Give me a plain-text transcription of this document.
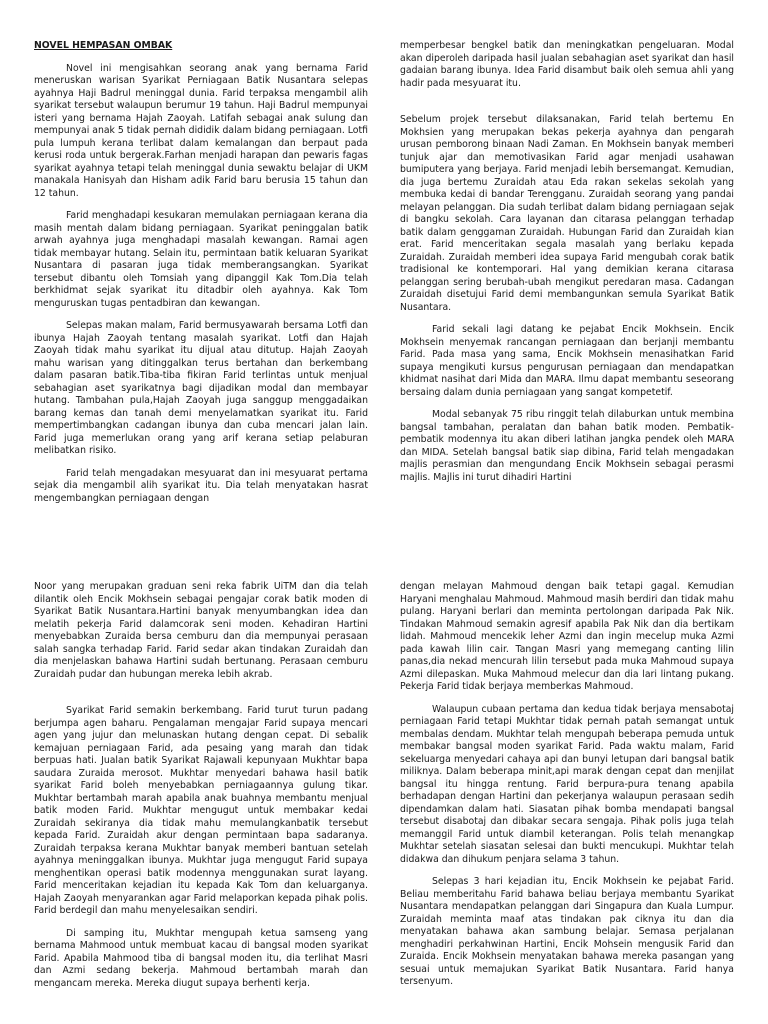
NOVEL HEMPASAN OMBAK

Novel ini mengisahkan seorang anak yang bernama Farid meneruskan warisan Syarikat Perniagaan Batik Nusantara selepas ayahnya Haji Badrul meninggal dunia. Farid terpaksa mengambil alih syarikat tersebut walaupun berumur 19 tahun. Haji Badrul mempunyai isteri yang bernama Hajah Zaoyah. Latifah sebagai anak sulung dan mempunyai anak 5 tidak pernah dididik dalam bidang perniagaan. Lotfi pula lumpuh kerana terlibat dalam kemalangan dan berpaut pada kerusi roda untuk bergerak.Farhan menjadi harapan dan pewaris fagas syarikat ayahnya tetapi telah meninggal dunia sewaktu belajar di UKM manakala Hanisyah dan Hisham adik Farid baru berusia 15 tahun dan 12 tahun.

Farid menghadapi kesukaran memulakan perniagaan kerana dia masih mentah dalam bidang perniagaan. Syarikat peninggalan batik arwah ayahnya juga menghadapi masalah kewangan. Ramai agen tidak membayar hutang. Selain itu, permintaan batik keluaran Syarikat Nusantara di pasaran juga tidak memberangsangkan. Syarikat tersebut dibantu oleh Tomsiah yang dipanggil Kak Tom.Dia telah berkhidmat sejak syarikat itu ditadbir oleh ayahnya. Kak Tom menguruskan tugas pentadbiran dan kewangan.

Selepas makan malam, Farid bermusyawarah bersama Lotfi dan ibunya Hajah Zaoyah tentang masalah syarikat. Lotfi dan Hajah Zaoyah tidak mahu syarikat itu dijual atau ditutup. Hajah Zaoyah mahu warisan yang ditinggalkan terus bertahan dan berkembang dalam pasaran batik.Tiba-tiba fikiran Farid terlintas untuk menjual sebahagian aset syarikatnya bagi dijadikan modal dan membayar hutang. Tambahan pula,Hajah Zaoyah juga sanggup menggadaikan barang kemas dan tanah demi menyelamatkan syarikat itu. Farid mempertimbangkan cadangan ibunya dan cuba mencari jalan lain. Farid juga memerlukan orang yang arif kerana setiap pelaburan melibatkan risiko.

Farid telah mengadakan mesyuarat dan ini mesyuarat pertama sejak dia mengambil alih syarikat itu. Dia telah menyatakan hasrat mengembangkan perniagaan dengan

memperbesar bengkel batik dan meningkatkan pengeluaran. Modal akan diperoleh daripada hasil jualan sebahagian aset syarikat dan hasil gadaian barang ibunya. Idea Farid disambut baik oleh semua ahli yang hadir pada mesyuarat itu.

Sebelum projek tersebut dilaksanakan, Farid telah bertemu En Mokhsien yang merupakan bekas pekerja ayahnya dan pengarah urusan pemborong binaan Nadi Zaman. En Mokhsein banyak memberi tunjuk ajar dan memotivasikan Farid agar menjadi usahawan bumiputera yang berjaya. Farid menjadi lebih bersemangat. Kemudian, dia juga bertemu Zuraidah atau Eda rakan sekelas sekolah yang membuka kedai di bandar Terengganu. Zuraidah seorang yang pandai melayan pelanggan. Dia sudah terlibat dalam bidang perniagaan sejak di bangku sekolah. Cara layanan dan citarasa pelanggan terhadap batik dalam genggaman Zuraidah. Hubungan Farid dan Zuraidah kian erat. Farid menceritakan segala masalah yang berlaku kepada Zuraidah. Zuraidah memberi idea supaya Farid mengubah corak batik tradisional ke kontemporari. Hal yang demikian kerana citarasa pelanggan sering berubah-ubah mengikut peredaran masa. Cadangan Zuraidah disetujui Farid demi membangunkan semula Syarikat Batik Nusantara.

Farid sekali lagi datang ke pejabat Encik Mokhsein. Encik Mokhsein menyemak rancangan perniagaan dan berjanji membantu Farid. Pada masa yang sama, Encik Mokhsein menasihatkan Farid supaya mengikuti kursus pengurusan perniagaan dan mendapatkan khidmat nasihat dari Mida dan MARA. Ilmu dapat membantu seseorang bersaing dalam dunia perniagaan yang sangat kompetetif.

Modal sebanyak 75 ribu ringgit telah dilaburkan untuk membina bangsal tambahan, peralatan dan bahan batik moden. Pembatik-pembatik modennya itu akan diberi latihan jangka pendek oleh MARA dan MIDA. Setelah bangsal batik siap dibina, Farid telah mengadakan majlis perasmian dan mengundang Encik Mokhsein sebagai perasmi majlis. Majlis ini turut dihadiri Hartini

Noor yang merupakan graduan seni reka fabrik UiTM dan dia telah dilantik oleh Encik Mokhsein sebagai pengajar corak batik moden di Syarikat Batik Nusantara.Hartini banyak menyumbangkan idea dan melatih pekerja Farid dalamcorak seni moden. Kehadiran Hartini menyebabkan Zuraida bersa cemburu dan dia mempunyai perasaan salah sangka terhadap Farid. Farid sedar akan tindakan Zuraidah dan dia menjelaskan bahawa Hartini sudah bertunang. Perasaan cemburu Zuraidah pudar dan hubungan mereka lebih akrab.

Syarikat Farid semakin berkembang. Farid turut turun padang berjumpa agen baharu. Pengalaman mengajar Farid supaya mencari agen yang jujur dan melunaskan hutang dengan cepat. Di sebalik kemajuan perniagaan Farid, ada pesaing yang marah dan tidak berpuas hati. Jualan batik Syarikat Rajawali kepunyaan Mukhtar bapa saudara Zuraida merosot. Mukhtar menyedari bahawa hasil batik syarikat Farid boleh menyebabkan perniagaannya gulung tikar. Mukhtar bertambah marah apabila anak buahnya membantu menjual batik moden Farid. Mukhtar mengugut untuk membakar kedai Zuraidah sekiranya dia tidak mahu memulangkanbatik tersebut kepada Farid. Zuraidah akur dengan permintaan bapa sadaranya. Zuraidah terpaksa kerana Mukhtar banyak memberi bantuan setelah ayahnya meninggalkan ibunya. Mukhtar juga mengugut Farid supaya menghentikan operasi batik modennya menggunakan surat layang. Farid menceritakan kejadian itu kepada Kak Tom dan keluarganya. Hajah Zaoyah menyarankan agar Farid melaporkan kepada pihak polis. Farid berdegil dan mahu menyelesaikan sendiri.

Di samping itu, Mukhtar mengupah ketua samseng yang bernama Mahmood untuk membuat kacau di bangsal moden syarikat Farid. Apabila Mahmood tiba di bangsal moden itu, dia terlihat Masri dan Azmi sedang bekerja. Mahmoud bertambah marah dan mengancam mereka. Mereka diugut supaya berhenti kerja.

dengan melayan Mahmoud dengan baik tetapi gagal. Kemudian Haryani menghalau Mahmoud. Mahmoud masih berdiri dan tidak mahu pulang. Haryani berlari dan meminta pertolongan daripada Pak Nik. Tindakan Mahmoud semakin agresif apabila Pak Nik dan dia bertikam lidah. Mahmoud mencekik leher Azmi dan ingin mecelup muka Azmi pada kawah lilin cair. Tangan Masri yang memegang canting lilin panas,dia nekad mencurah lilin tersebut pada muka Mahmoud supaya Azmi dilepaskan. Muka Mahmoud melecur dan dia lari lintang pukang. Pekerja Farid tidak berjaya memberkas Mahmoud.

Walaupun cubaan pertama dan kedua tidak berjaya mensabotaj perniagaan Farid tetapi Mukhtar tidak pernah patah semangat untuk membalas dendam. Mukhtar telah mengupah beberapa pemuda untuk membakar bangsal moden syarikat Farid. Pada waktu malam, Farid sekeluarga menyedari cahaya api dan bunyi letupan dari bangsal batik miliknya. Dalam beberapa minit,api marak dengan cepat dan menjilat bangsal itu hingga rentung. Farid berpura-pura tenang apabila berhadapan dengan Hartini dan pekerjanya walaupun perasaan sedih dipendamkan dalam hati. Siasatan pihak bomba mendapati bangsal tersebut disabotaj dan dibakar secara sengaja. Pihak polis juga telah memanggil Farid untuk diambil keterangan. Polis telah menangkap Mukhtar setelah siasatan selesai dan bukti mencukupi. Mukhtar telah didakwa dan dihukum penjara selama 3 tahun.

Selepas 3 hari kejadian itu, Encik Mokhsein ke pejabat Farid. Beliau memberitahu Farid bahawa beliau berjaya membantu Syarikat Nusantara mendapatkan pelanggan dari Singapura dan Kuala Lumpur. Zuraidah meminta maaf atas tindakan pak ciknya itu dan dia menyatakan bahawa akan sambung belajar. Semasa perjalanan menghadiri perkahwinan Hartini, Encik Mohsein mengusik Farid dan Zuraida. Encik Mokhsein menyatakan bahawa mereka pasangan yang sesuai untuk memajukan Syarikat Batik Nusantara. Farid hanya tersenyum.
